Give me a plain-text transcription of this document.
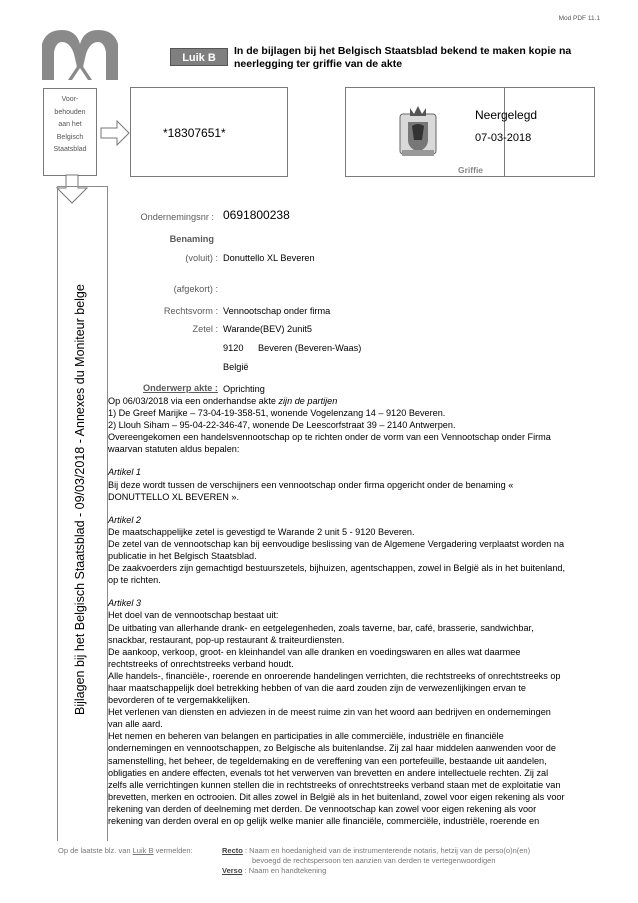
Mod PDF 11.1
Luik B
In de bijlagen bij het Belgisch Staatsblad bekend te maken kopie na neerlegging ter griffie van de akte
Voor-
behouden
aan het
Belgisch
Staatsblad
*18307651*
Neergelegd
07-03-2018
Griffie
Bijlagen bij het Belgisch Staatsblad - 09/03/2018 - Annexes du Moniteur belge
Ondernemingsnr : 0691800238
Benaming
(voluit) : Donuttello XL Beveren
(afgekort) :
Rechtsvorm : Vennootschap onder firma
Zetel : Warande(BEV) 2unit5
9120 Beveren (Beveren-Waas)
België
Onderwerp akte : Oprichting

Op 06/03/2018 via een onderhandse akte zijn de partijen

1) De Greef Marijke – 73-04-19-358-51, wonende Vogelenzang 14 – 9120 Beveren.

2) Llouh Siham – 95-04-22-346-47, wonende De Leescorfstraat 39 – 2140 Antwerpen.

Overeengekomen een handelsvennootschap op te richten onder de vorm van een Vennootschap onder Firma

waarvan statuten aldus bepalen:

Artikel 1

Bij deze wordt tussen de verschijners een vennootschap onder firma opgericht onder de benaming «

DONUTTELLO XL BEVEREN ».

Artikel 2

De maatschappelijke zetel is gevestigd te Warande 2 unit 5 - 9120 Beveren.

De zetel van de vennootschap kan bij eenvoudige beslissing van de Algemene Vergadering verplaatst worden na

publicatie in het Belgisch Staatsblad.

De zaakvoerders zijn gemachtigd bestuurszetels, bijhuizen, agentschappen, zowel in België als in het buitenland,

op te richten.

Artikel 3

Het doel van de vennootschap bestaat uit:

De uitbating van allerhande drank- en eetgelegenheden, zoals taverne, bar, café, brasserie, sandwichbar,

snackbar, restaurant, pop-up restaurant & traiteurdiensten.

De aankoop, verkoop, groot- en kleinhandel van alle dranken en voedingswaren en alles wat daarmee

rechtstreeks of onrechtstreeks verband houdt.

Alle handels-, financiële-, roerende en onroerende handelingen verrichten, die rechtstreeks of onrechtstreeks op

haar maatschappelijk doel betrekking hebben of van die aard zouden zijn de verwezenlijkingen ervan te

bevorderen of te vergemakkelijken.

Het verlenen van diensten en adviezen in de meest ruime zin van het woord aan bedrijven en ondernemingen

van alle aard.

Het nemen en beheren van belangen en participaties in alle commerciële, industriële en financiële

ondernemingen en vennootschappen, zo Belgische als buitenlandse. Zij zal haar middelen aanwenden voor de

samenstelling, het beheer, de tegeldemaking en de vereffening van een portefeuille, bestaande uit aandelen,

obligaties en andere effecten, evenals tot het verwerven van brevetten en andere intellectuele rechten. Zij zal

zelfs alle verrichtingen kunnen stellen die in rechtstreeks of onrechtstreeks verband staan met de exploitatie van

brevetten, merken en octrooien. Dit alles zowel in België als in het buitenland, zowel voor eigen rekening als voor

rekening van derden of deelneming met derden. De vennootschap kan zowel voor eigen rekening als voor

rekening van derden overal en op gelijk welke manier alle financiële, commerciële, industriële, roerende en

Op de laatste blz. van Luik B vermelden:	Recto : Naam en hoedanigheid van de instrumenterende notaris, hetzij van de perso(o)n(en)
bevoegd de rechtspersoon ten aanzien van derden te vertegenwoordigen
Verso : Naam en handtekening
